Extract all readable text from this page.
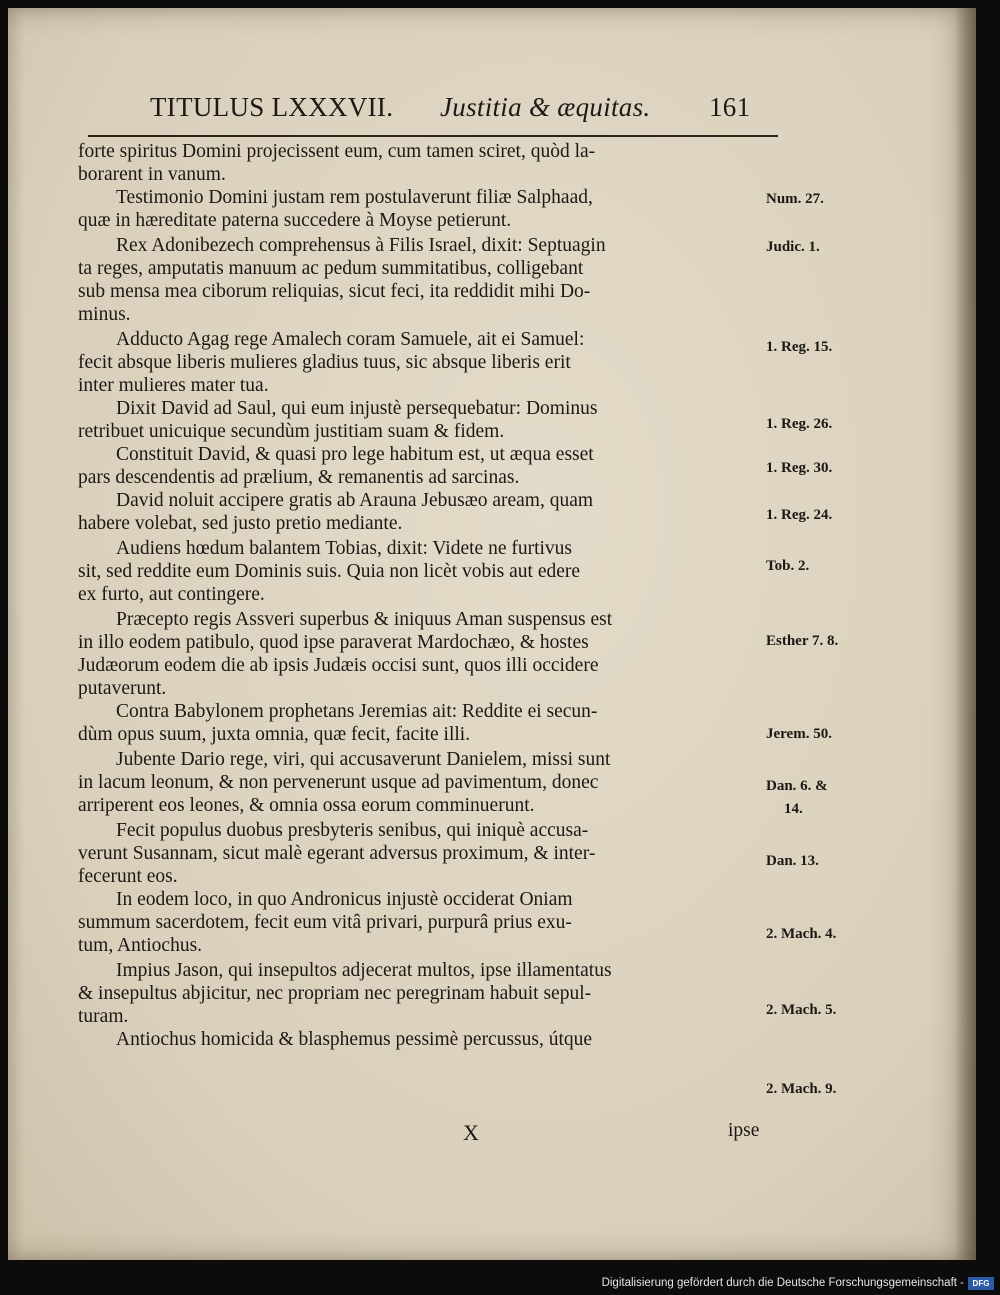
TITULUS LXXXVII. Justitia & æquitas. 161
forte spiritus Domini projecissent eum, cum tamen sciret, quòd la-
borarent in vanum.
Testimonio Domini justam rem postulaverunt filiæ Salphaad,
quæ in hæreditate paterna succedere à Moyse petierunt.
Rex Adonibezech comprehensus à Filis Israel, dixit: Septuagin
ta reges, amputatis manuum ac pedum summitatibus, colligebant
sub mensa mea ciborum reliquias, sicut feci, ita reddidit mihi Do-
minus.
Adducto Agag rege Amalech coram Samuele, ait ei Samuel:
fecit absque liberis mulieres gladius tuus, sic absque liberis erit
inter mulieres mater tua.
Dixit David ad Saul, qui eum injustè persequebatur: Dominus
retribuet unicuique secundùm justitiam suam & fidem.
Constituit David, & quasi pro lege habitum est, ut æqua esset
pars descendentis ad prælium, & remanentis ad sarcinas.
David noluit accipere gratis ab Arauna Jebusæo aream, quam
habere volebat, sed justo pretio mediante.
Audiens hœdum balantem Tobias, dixit: Videte ne furtivus
sit, sed reddite eum Dominis suis. Quia non licèt vobis aut edere
ex furto, aut contingere.
Præcepto regis Assveri superbus & iniquus Aman suspensus est
in illo eodem patibulo, quod ipse paraverat Mardochæo, & hostes
Judæorum eodem die ab ipsis Judæis occisi sunt, quos illi occidere
putaverunt.
Contra Babylonem prophetans Jeremias ait: Reddite ei secun-
dùm opus suum, juxta omnia, quæ fecit, facite illi.
Jubente Dario rege, viri, qui accusaverunt Danielem, missi sunt
in lacum leonum, & non pervenerunt usque ad pavimentum, donec
arriperent eos leones, & omnia ossa eorum comminuerunt.
Fecit populus duobus presbyteris senibus, qui iniquè accusa-
verunt Susannam, sicut malè egerant adversus proximum, & inter-
fecerunt eos.
In eodem loco, in quo Andronicus injustè occiderat Oniam
summum sacerdotem, fecit eum vitâ privari, purpurâ prius exu-
tum, Antiochus.
Impius Jason, qui insepultos adjecerat multos, ipse illamentatus
& insepultus abjicitur, nec propriam nec peregrinam habuit sepul-
turam.
Antiochus homicida & blasphemus pessimè percussus, útque
Num. 27.
Judic. 1.
1. Reg. 15.
1. Reg. 26.
1. Reg. 30.
1. Reg. 24.
Tob. 2.
Esther 7. 8.
Jerem. 50.
Dan. 6. &
14.
Dan. 13.
2. Mach. 4.
2. Mach. 5.
2. Mach. 9.
X	ipse
Digitalisierung gefördert durch die Deutsche Forschungsgemeinschaft -	DFG
